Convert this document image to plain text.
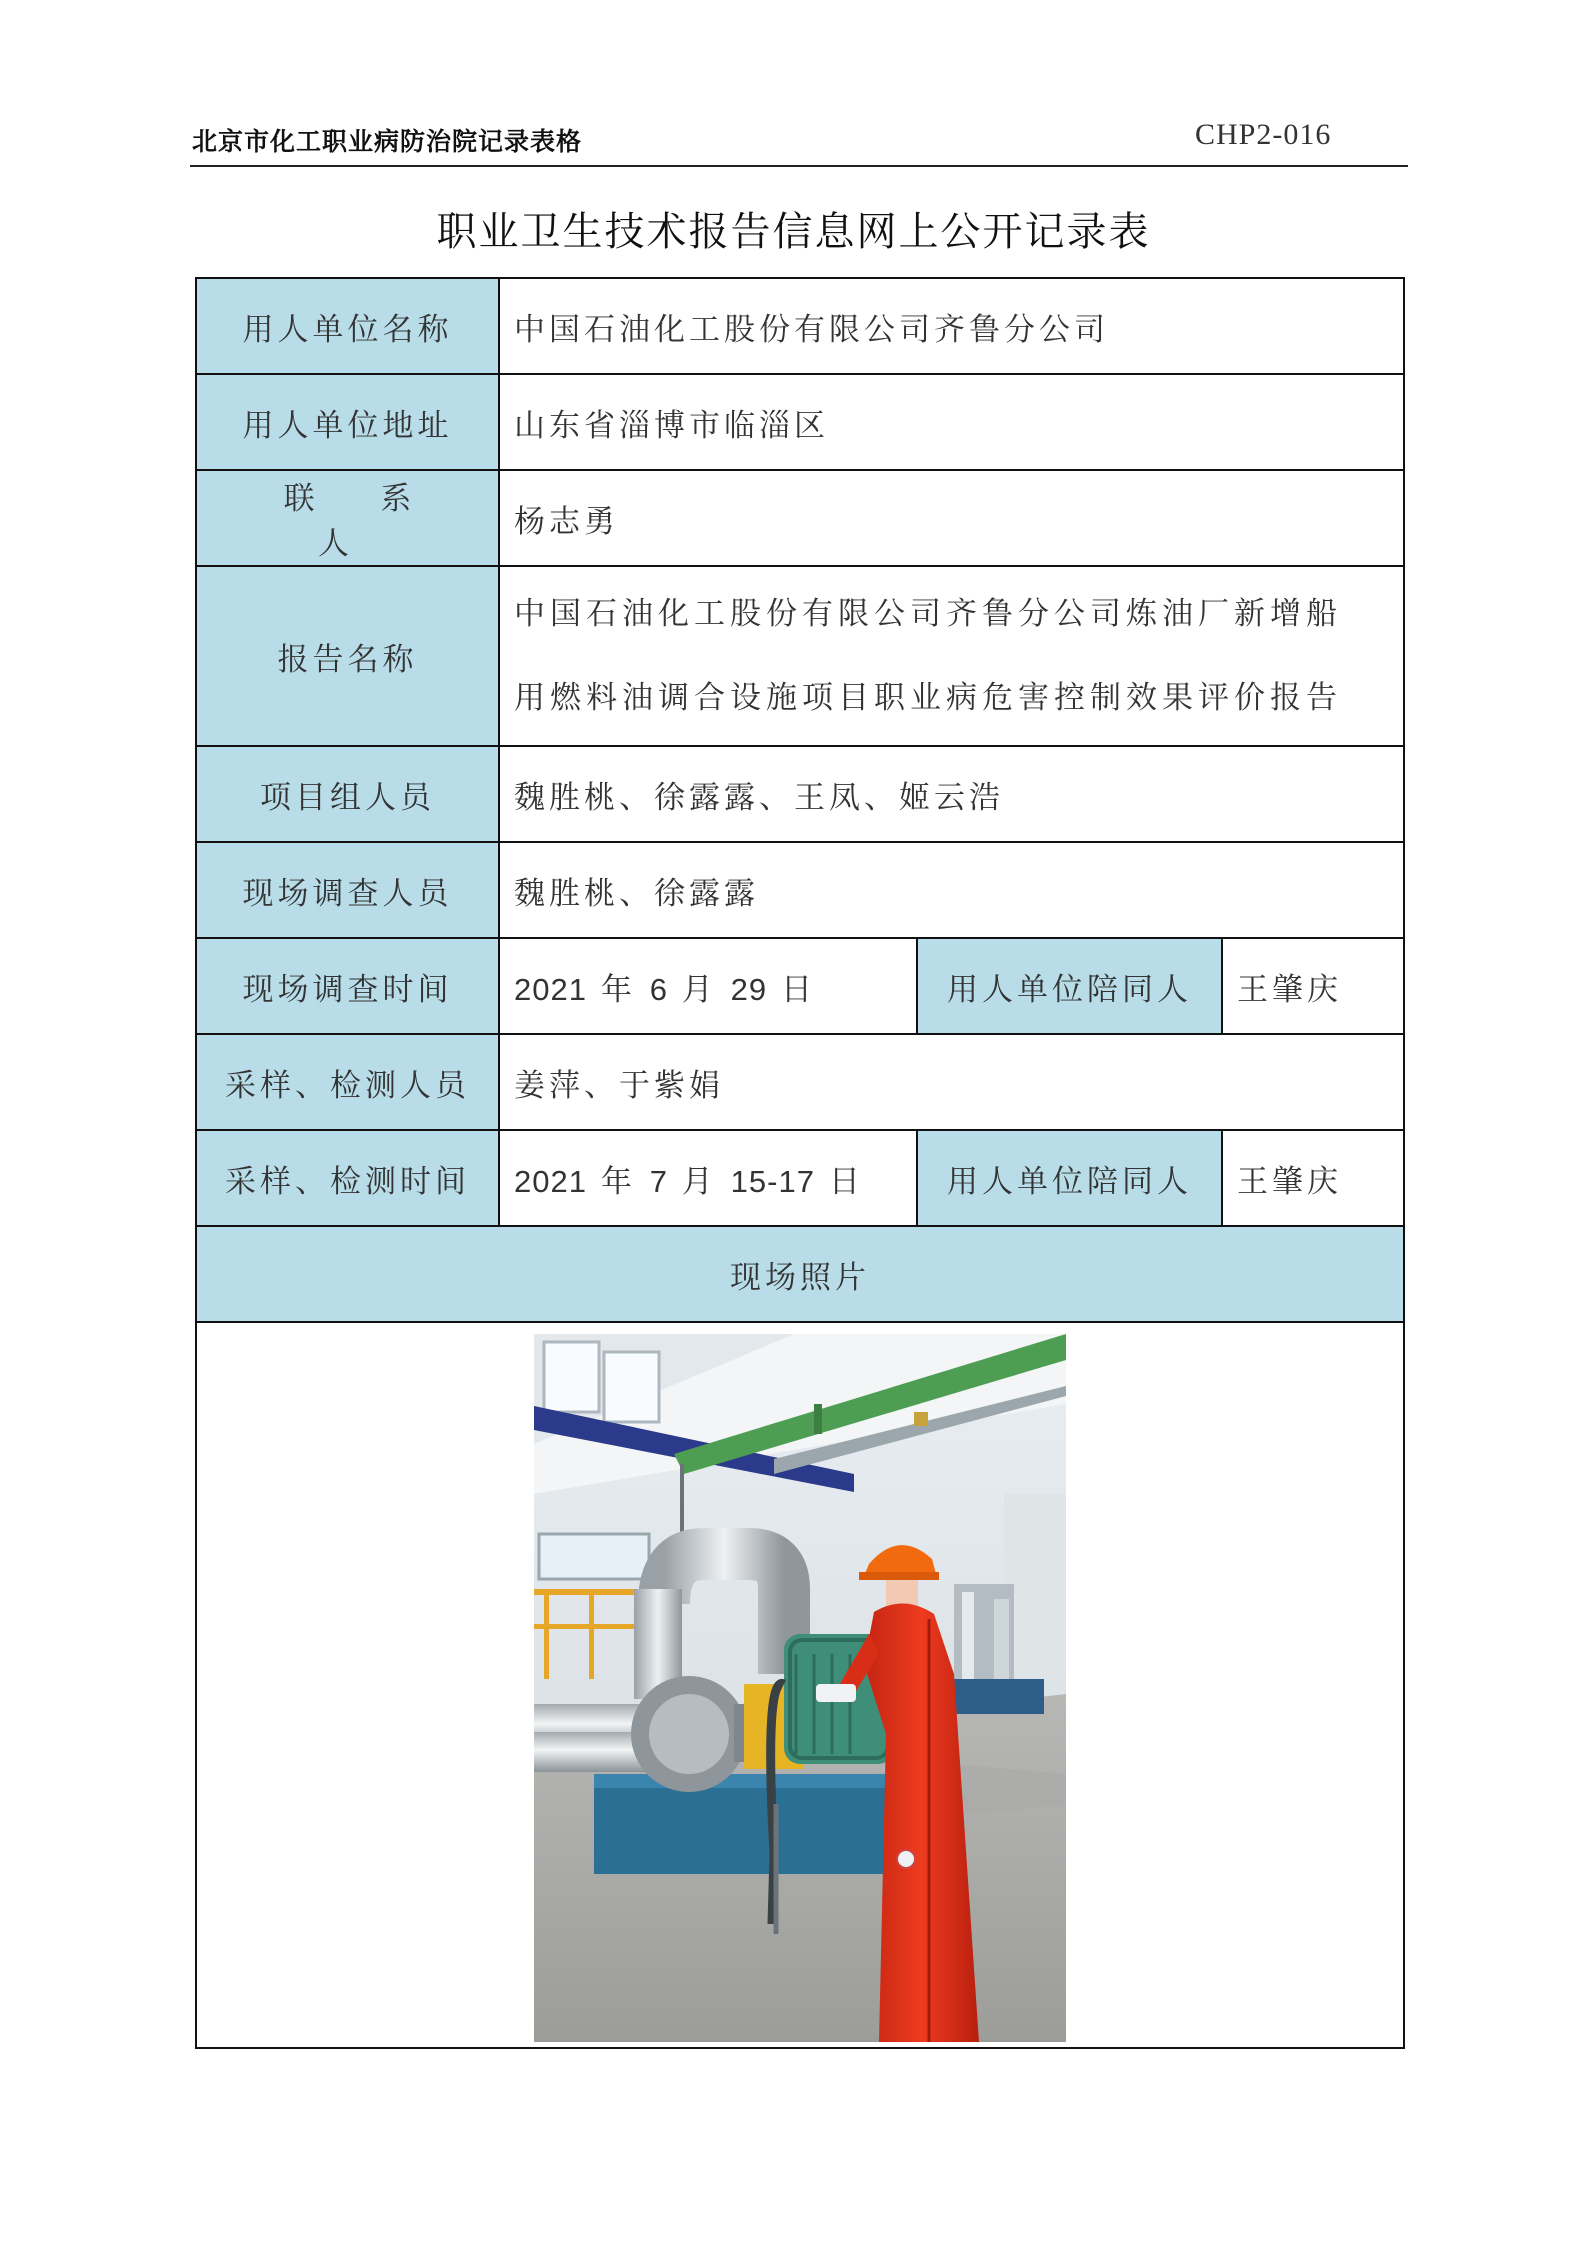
北京市化工职业病防治院记录表格	CHP2-016
职业卫生技术报告信息网上公开记录表
用人单位名称	中国石油化工股份有限公司齐鲁分公司		
用人单位地址	山东省淄博市临淄区		
联 系 人	杨志勇		
报告名称	中国石油化工股份有限公司齐鲁分公司炼油厂新增船
用燃料油调合设施项目职业病危害控制效果评价报告		

项目组人员	魏胜桃、徐露露、王凤、姬云浩		
现场调查人员	魏胜桃、徐露露		
现场调查时间	2021 年 6 月 29 日	用人单位陪同人	王肇庆
采样、检测人员	姜萍、于紫娟		
采样、检测时间	2021 年 7 月 15-17 日	用人单位陪同人	王肇庆
现场照片			
